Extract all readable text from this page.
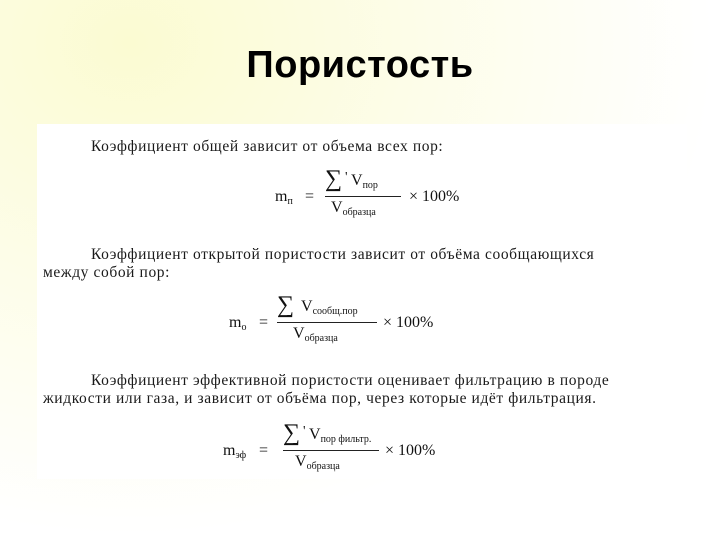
Пористость
Коэффициент общей зависит от объема всех пор:
mп =
∑ ' Vпор
Vобразца
× 100%
Коэффициент открытой пористости зависит от объёма сообщающихся
между собой пор:
mо =
∑ Vсообщ.пор
Vобразца
× 100%
Коэффициент эффективной пористости оценивает фильтрацию в породе
жидкости или газа, и зависит от объёма пор, через которые идёт фильтрация.
mэф =
∑ ' Vпор фильтр.
Vобразца
× 100%
